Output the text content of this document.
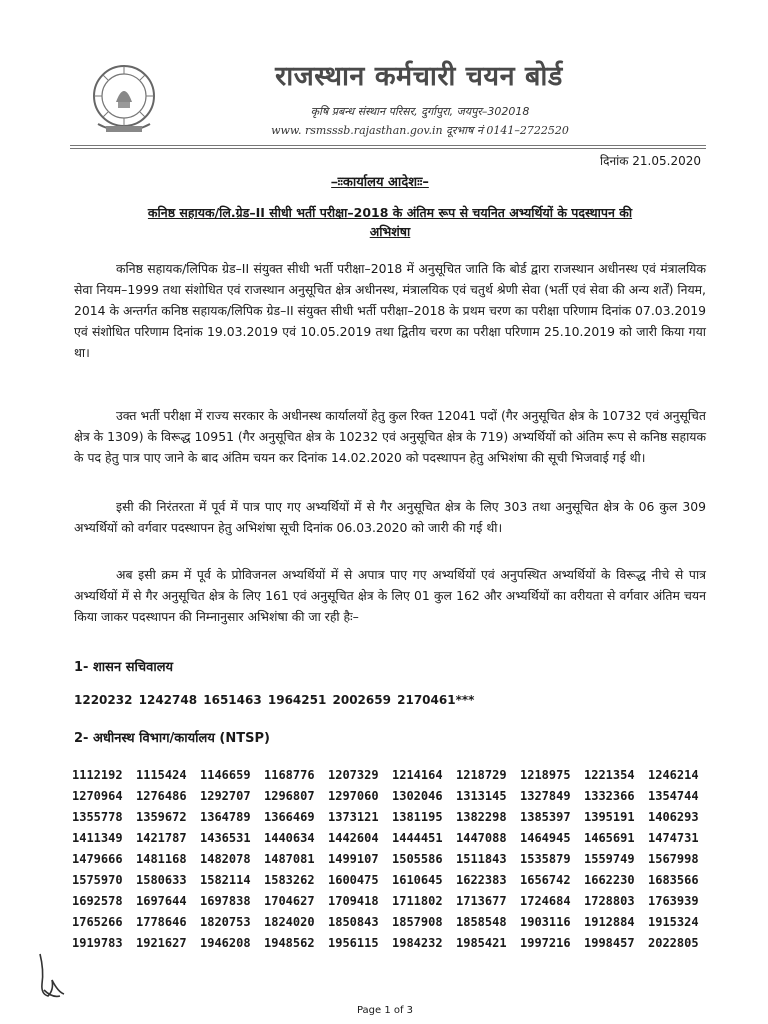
राजस्थान कर्मचारी चयन बोर्ड
कृषि प्रबन्ध संस्थान परिसर, दुर्गापुरा, जयपुर–302018
www. rsmsssb.rajasthan.gov.in दूरभाष नं 0141–2722520
दिनांक 21.05.2020
–ःःकार्यालय आदेशःः–
कनिष्ठ सहायक/लि.ग्रेड–II सीधी भर्ती परीक्षा–2018 के अंतिम रूप से चयनित अभ्यर्थियों के पदस्थापन की अभिशंषा

कनिष्ठ सहायक/लिपिक ग्रेड–II संयुक्त सीधी भर्ती परीक्षा–2018 में अनुसूचित जाति कि बोर्ड द्वारा राजस्थान अधीनस्थ एवं मंत्रालयिक सेवा नियम–1999 तथा संशोधित एवं राजस्थान अनुसूचित क्षेत्र अधीनस्थ, मंत्रालयिक एवं चतुर्थ श्रेणी सेवा (भर्ती एवं सेवा की अन्य शर्तें) नियम, 2014 के अन्तर्गत कनिष्ठ सहायक/लिपिक ग्रेड–II संयुक्त सीधी भर्ती परीक्षा–2018 के प्रथम चरण का परीक्षा परिणाम दिनांक 07.03.2019 एवं संशोधित परिणाम दिनांक 19.03.2019 एवं 10.05.2019 तथा द्वितीय चरण का परीक्षा परिणाम 25.10.2019 को जारी किया गया था।

उक्त भर्ती परीक्षा में राज्य सरकार के अधीनस्थ कार्यालयों हेतु कुल रिक्त 12041 पदों (गैर अनुसूचित क्षेत्र के 10732 एवं अनुसूचित क्षेत्र के 1309) के विरूद्ध 10951 (गैर अनुसूचित क्षेत्र के 10232 एवं अनुसूचित क्षेत्र के 719) अभ्यर्थियों को अंतिम रूप से कनिष्ठ सहायक के पद हेतु पात्र पाए जाने के बाद अंतिम चयन कर दिनांक 14.02.2020 को पदस्थापन हेतु अभिशंषा की सूची भिजवाई गई थी।

इसी की निरंतरता में पूर्व में पात्र पाए गए अभ्यर्थियों में से गैर अनुसूचित क्षेत्र के लिए 303 तथा अनुसूचित क्षेत्र के 06 कुल 309 अभ्यर्थियों को वर्गवार पदस्थापन हेतु अभिशंषा सूची दिनांक 06.03.2020 को जारी की गई थी।

अब इसी क्रम में पूर्व के प्रोविजनल अभ्यर्थियों में से अपात्र पाए गए अभ्यर्थियों एवं अनुपस्थित अभ्यर्थियों के विरूद्ध नीचे से पात्र अभ्यर्थियों में से गैर अनुसूचित क्षेत्र के लिए 161 एवं अनुसूचित क्षेत्र के लिए 01 कुल 162 और अभ्यर्थियों का वरीयता से वर्गवार अंतिम चयन किया जाकर पदस्थापन की निम्नानुसार अभिशंषा की जा रही हैः–

1- शासन सचिवालय
1220232 1242748 1651463 1964251 2002659 2170461***
2- अधीनस्थ विभाग/कार्यालय (NTSP)
1112192	1115424	1146659	1168776	1207329	1214164	1218729	1218975	1221354	1246214
1270964	1276486	1292707	1296807	1297060	1302046	1313145	1327849	1332366	1354744
1355778	1359672	1364789	1366469	1373121	1381195	1382298	1385397	1395191	1406293
1411349	1421787	1436531	1440634	1442604	1444451	1447088	1464945	1465691	1474731
1479666	1481168	1482078	1487081	1499107	1505586	1511843	1535879	1559749	1567998
1575970	1580633	1582114	1583262	1600475	1610645	1622383	1656742	1662230	1683566
1692578	1697644	1697838	1704627	1709418	1711802	1713677	1724684	1728803	1763939
1765266	1778646	1820753	1824020	1850843	1857908	1858548	1903116	1912884	1915324
1919783	1921627	1946208	1948562	1956115	1984232	1985421	1997216	1998457	2022805
Page 1 of 3
